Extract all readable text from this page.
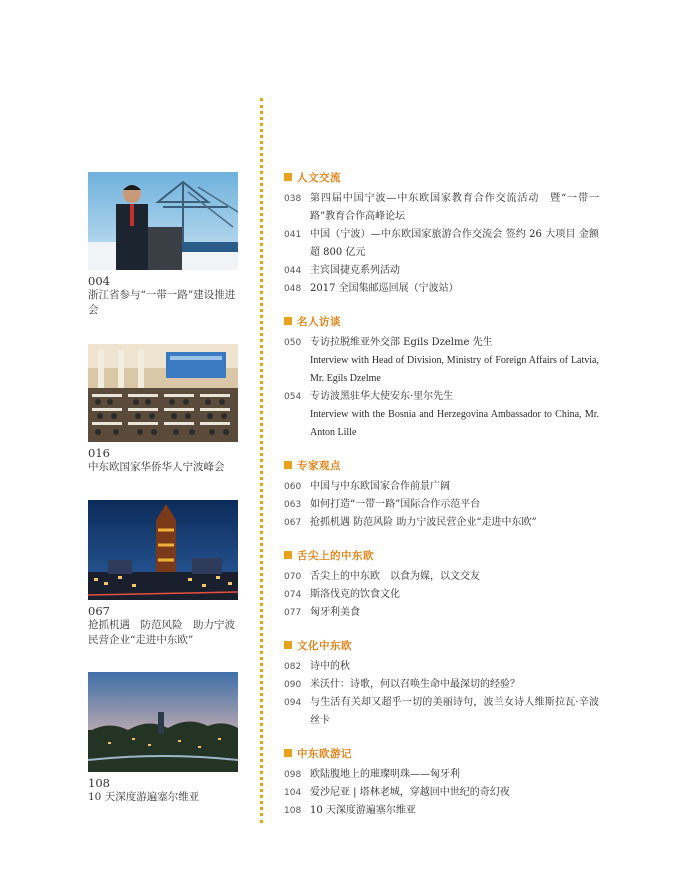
004
浙江省参与“一带一路”建设推进会
016
中东欧国家华侨华人宁波峰会
067
抢抓机遇　防范风险　助力宁波民营企业“走进中东欧”
108
10 天深度游遍塞尔维亚
人文交流
038 第四届中国宁波—中东欧国家教育合作交流活动　暨“一带一路”教育合作高峰论坛
041 中国（宁波）—中东欧国家旅游合作交流会 签约 26 大项目 金额超 800 亿元
044 主宾国捷克系列活动
048 2017 全国集邮巡回展（宁波站）
名人访谈
050 专访拉脱维亚外交部 Egils Dzelme 先生
Interview with Head of Division, Ministry of Foreign Affairs of Latvia, Mr. Egils Dzelme
054 专访波黑驻华大使安东·里尔先生
Interview with the Bosnia and Herzegovina Ambassador to China, Mr. Anton Lille
专家观点
060 中国与中东欧国家合作前景广阔
063 如何打造“一带一路”国际合作示范平台
067 抢抓机遇 防范风险 助力宁波民营企业“走进中东欧”
舌尖上的中东欧
070 舌尖上的中东欧　以食为媒，以文交友
074 斯洛伐克的饮食文化
077 匈牙利美食
文化中东欧
082 诗中的秋
090 米沃什：诗歌，何以召唤生命中最深切的经验？
094 与生活有关却又超乎一切的美丽诗句，波兰女诗人维斯拉瓦·辛波丝卡
中东欧游记
098 欧陆腹地上的璀璨明珠——匈牙利
104 爱沙尼亚 | 塔林老城，穿越回中世纪的奇幻夜
108 10 天深度游遍塞尔维亚
